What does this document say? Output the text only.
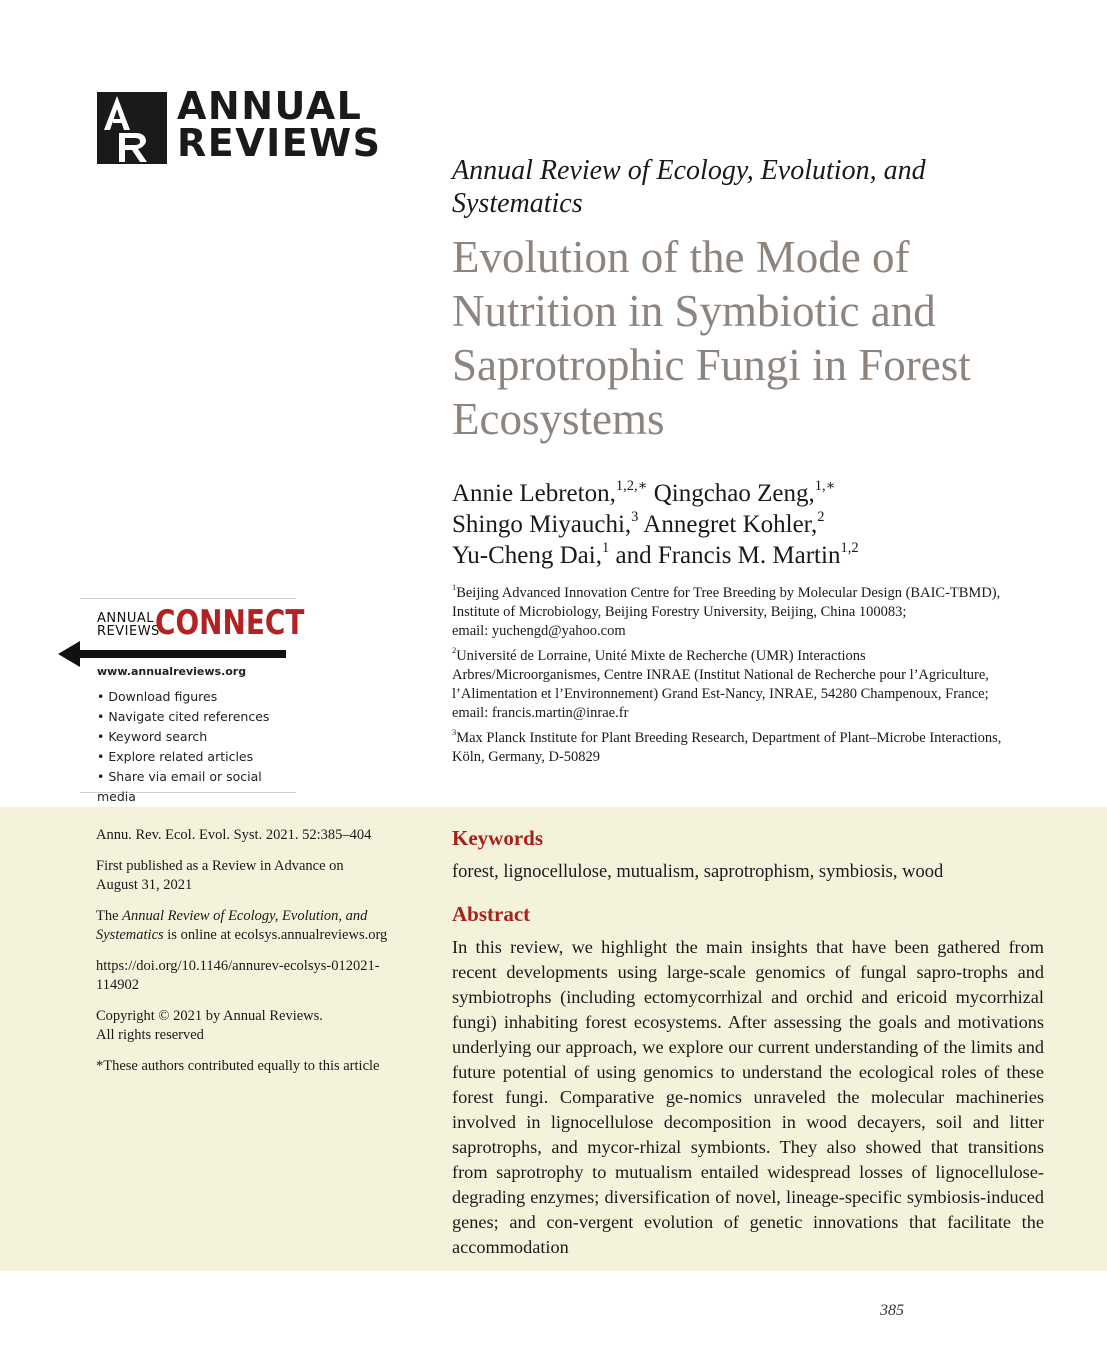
ANNUAL
REVIEWS
Annual Review of Ecology, Evolution, and Systematics
Evolution of the Mode of Nutrition in Symbiotic and Saprotrophic Fungi in Forest Ecosystems
Annie Lebreton,$^{1,2,∗}$ Qingchao Zeng,$^{1,∗}$
Shingo Miyauchi,$^3$ Annegret Kohler,$^2$
Yu-Cheng Dai,$^1$ and Francis M. Martin$^{1,2}$
$^1$Beijing Advanced Innovation Centre for Tree Breeding by Molecular Design (BAIC-TBMD),
Institute of Microbiology, Beijing Forestry University, Beijing, China 100083;
email: yuchengd@yahoo.com
$^2$Université de Lorraine, Unité Mixte de Recherche (UMR) Interactions
Arbres/Microorganismes, Centre INRAE (Institut National de Recherche pour l’Agriculture,
l’Alimentation et l’Environnement) Grand Est-Nancy, INRAE, 54280 Champenoux, France;
email: francis.martin@inrae.fr
$^3$Max Planck Institute for Plant Breeding Research, Department of Plant–Microbe Interactions,
Köln, Germany, D-50829
ANNUAL
REVIEWS
CONNECT
www.annualreviews.org
• Download figures
• Navigate cited references
• Keyword search
• Explore related articles
• Share via email or social media
Annu. Rev. Ecol. Evol. Syst. 2021. 52:385–404
First published as a Review in Advance on
August 31, 2021
The Annual Review of Ecology, Evolution, and Systematics is online at ecolsys.annualreviews.org
https://doi.org/10.1146/annurev-ecolsys-012021-
114902
Copyright © 2021 by Annual Reviews.
All rights reserved
*These authors contributed equally to this article
Keywords
forest, lignocellulose, mutualism, saprotrophism, symbiosis, wood
Abstract
In this review, we highlight the main insights that have been gathered from recent developments using large-scale genomics of fungal sapro-trophs and symbiotrophs (including ectomycorrhizal and orchid and ericoid mycorrhizal fungi) inhabiting forest ecosystems. After assessing the goals and motivations underlying our approach, we explore our current understanding of the limits and future potential of using genomics to understand the ecological roles of these forest fungi. Comparative ge-nomics unraveled the molecular machineries involved in lignocellulose decomposition in wood decayers, soil and litter saprotrophs, and mycor-rhizal symbionts. They also showed that transitions from saprotrophy to mutualism entailed widespread losses of lignocellulose-degrading enzymes; diversification of novel, lineage-specific symbiosis-induced genes; and con-vergent evolution of genetic innovations that facilitate the accommodation
385
